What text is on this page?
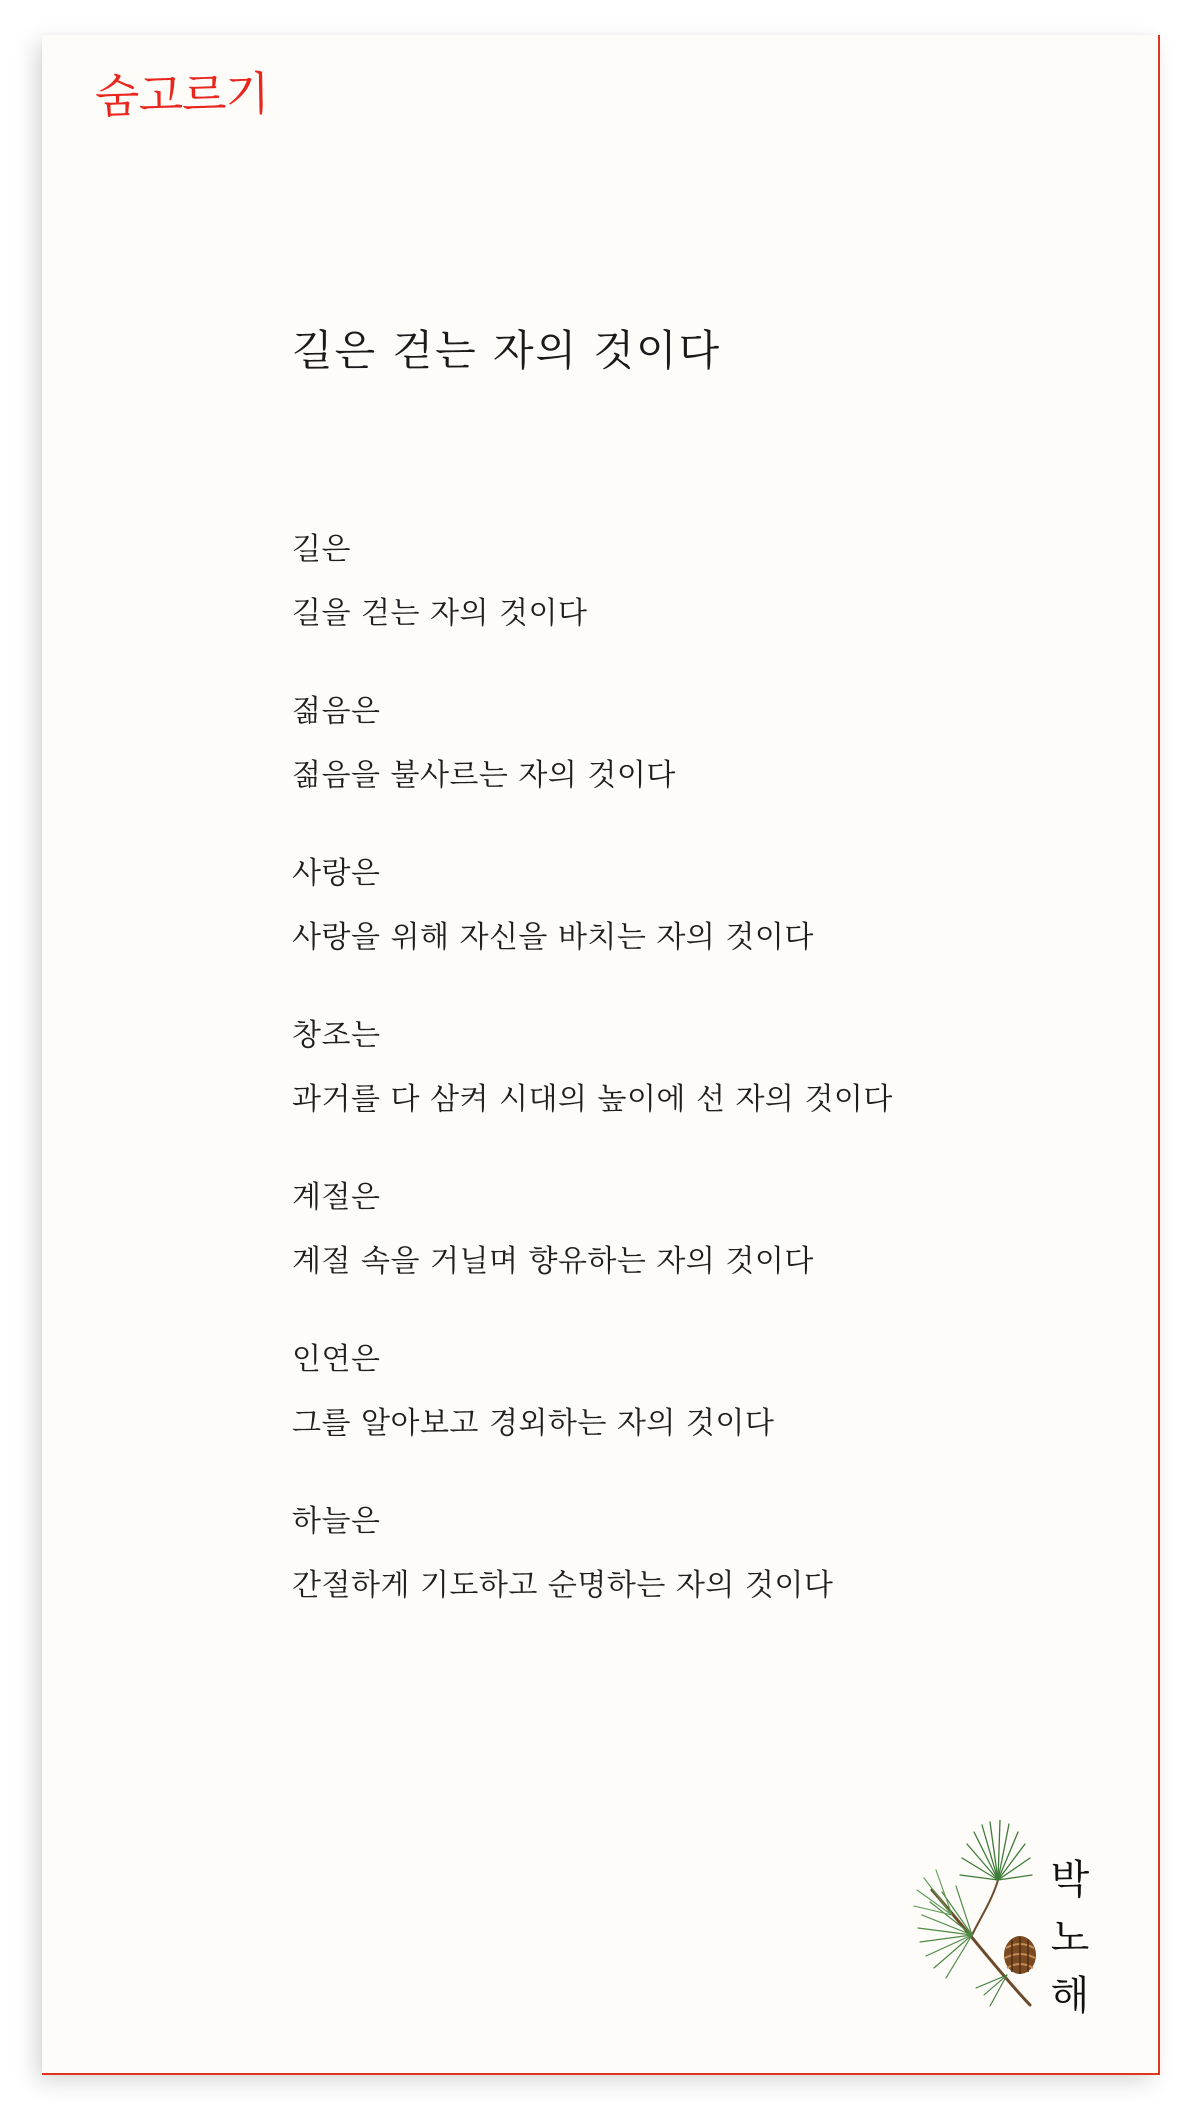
숨고르기
길은 걷는 자의 것이다
길은
길을 걷는 자의 것이다
젊음은
젊음을 불사르는 자의 것이다
사랑은
사랑을 위해 자신을 바치는 자의 것이다
창조는
과거를 다 삼켜 시대의 높이에 선 자의 것이다
계절은
계절 속을 거닐며 향유하는 자의 것이다
인연은
그를 알아보고 경외하는 자의 것이다
하늘은
간절하게 기도하고 순명하는 자의 것이다
박
노
해
